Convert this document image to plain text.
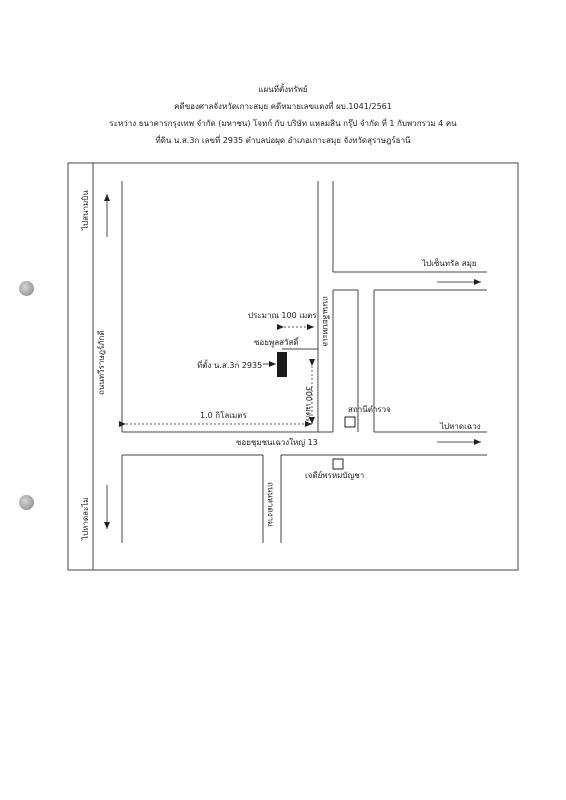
แผนที่ตั้งทรัพย์
คดีของศาลจังหวัดเกาะสมุย คดีหมายเลขแดงที่ ผบ.1041/2561
ระหว่าง ธนาคารกรุงเทพ จำกัด (มหาชน) โจทก์ กับ บริษัท แหลมสิน กรุ๊ป จำกัด ที่ 1 กับพวกรวม 4 คน
ที่ดิน น.ส.3ก เลขที่ 2935 ตำบลบ่อผุด อำเภอเกาะสมุย จังหวัดสุราษฎร์ธานี
ไปสนามบิน
ไปหาดละไม
ถนนทวีราษฎร์ภักดี
ถนนเลียบทะเล
ถนนหาดงาม
300 เมตร
ประมาณ 100 เมตร
ซอยพูลสวัสดิ์
ที่ตั้ง น.ส.3ก 2935
1.0 กิโลเมตร
ไปเซ็นทรัล สมุย
สถานีตำรวจ
ไปหาดเฉวง
ซอยชุมชนเฉวงใหญ่ 13
เจดีย์พรหมบัญชา
